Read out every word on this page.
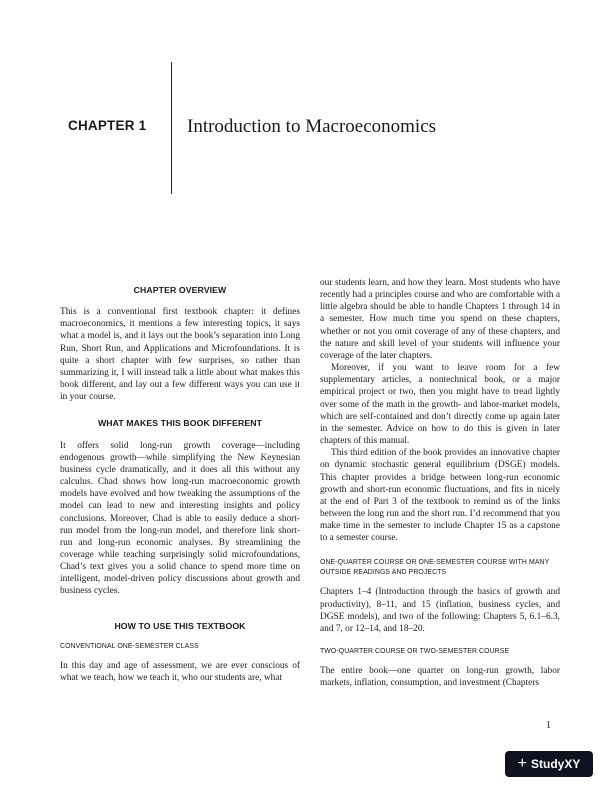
CHAPTER 1	Introduction to Macroeconomics
CHAPTER OVERVIEW

This is a conventional first textbook chapter: it defines macroeconomics, it mentions a few interesting topics, it says what a model is, and it lays out the book’s separation into Long Run, Short Run, and Applications and Microfoundations. It is quite a short chapter with few surprises, so rather than summarizing it, I will instead talk a little about what makes this book different, and lay out a few different ways you can use it in your course.

WHAT MAKES THIS BOOK DIFFERENT

It offers solid long-run growth coverage—including endogenous growth—while simplifying the New Keynesian business cycle dramatically, and it does all this without any calculus. Chad shows how long-run macroeconomic growth models have evolved and how tweaking the assumptions of the model can lead to new and interesting insights and policy conclusions. Moreover, Chad is able to easily deduce a short-run model from the long-run model, and therefore link short-run and long-run economic analyses. By streamlining the coverage while teaching surprisingly solid microfoundations, Chad’s text gives you a solid chance to spend more time on intelligent, model-driven policy discussions about growth and business cycles.

HOW TO USE THIS TEXTBOOK
CONVENTIONAL ONE-SEMESTER CLASS

In this day and age of assessment, we are ever conscious of what we teach, how we teach it, who our students are, what

our students learn, and how they learn. Most students who have recently had a principles course and who are comfortable with a little algebra should be able to handle Chapters 1 through 14 in a semester. How much time you spend on these chapters, whether or not you omit coverage of any of these chapters, and the nature and skill level of your students will influence your coverage of the later chapters.

Moreover, if you want to leave room for a few supplementary articles, a nontechnical book, or a major empirical project or two, then you might have to tread lightly over some of the math in the growth- and labor-market models, which are self-contained and don’t directly come up again later in the semester. Advice on how to do this is given in later chapters of this manual.

This third edition of the book provides an innovative chapter on dynamic stochastic general equilibrium (DSGE) models. This chapter provides a bridge between long-run economic growth and short-run economic fluctuations, and fits in nicely at the end of Part 3 of the textbook to remind us of the links between the long run and the short run. I’d recommend that you make time in the semester to include Chapter 15 as a capstone to a semester course.

ONE-QUARTER COURSE OR ONE-SEMESTER COURSE WITH MANY OUTSIDE READINGS AND PROJECTS

Chapters 1–4 (Introduction through the basics of growth and productivity), 8–11, and 15 (inflation, business cycles, and DGSE models), and two of the following: Chapters 5, 6.1–6.3, and 7, or 12–14, and 18–20.

TWO-QUARTER COURSE OR TWO-SEMESTER COURSE

The entire book—one quarter on long-run growth, labor markets, inflation, consumption, and investment (Chapters

1
+ StudyXY
